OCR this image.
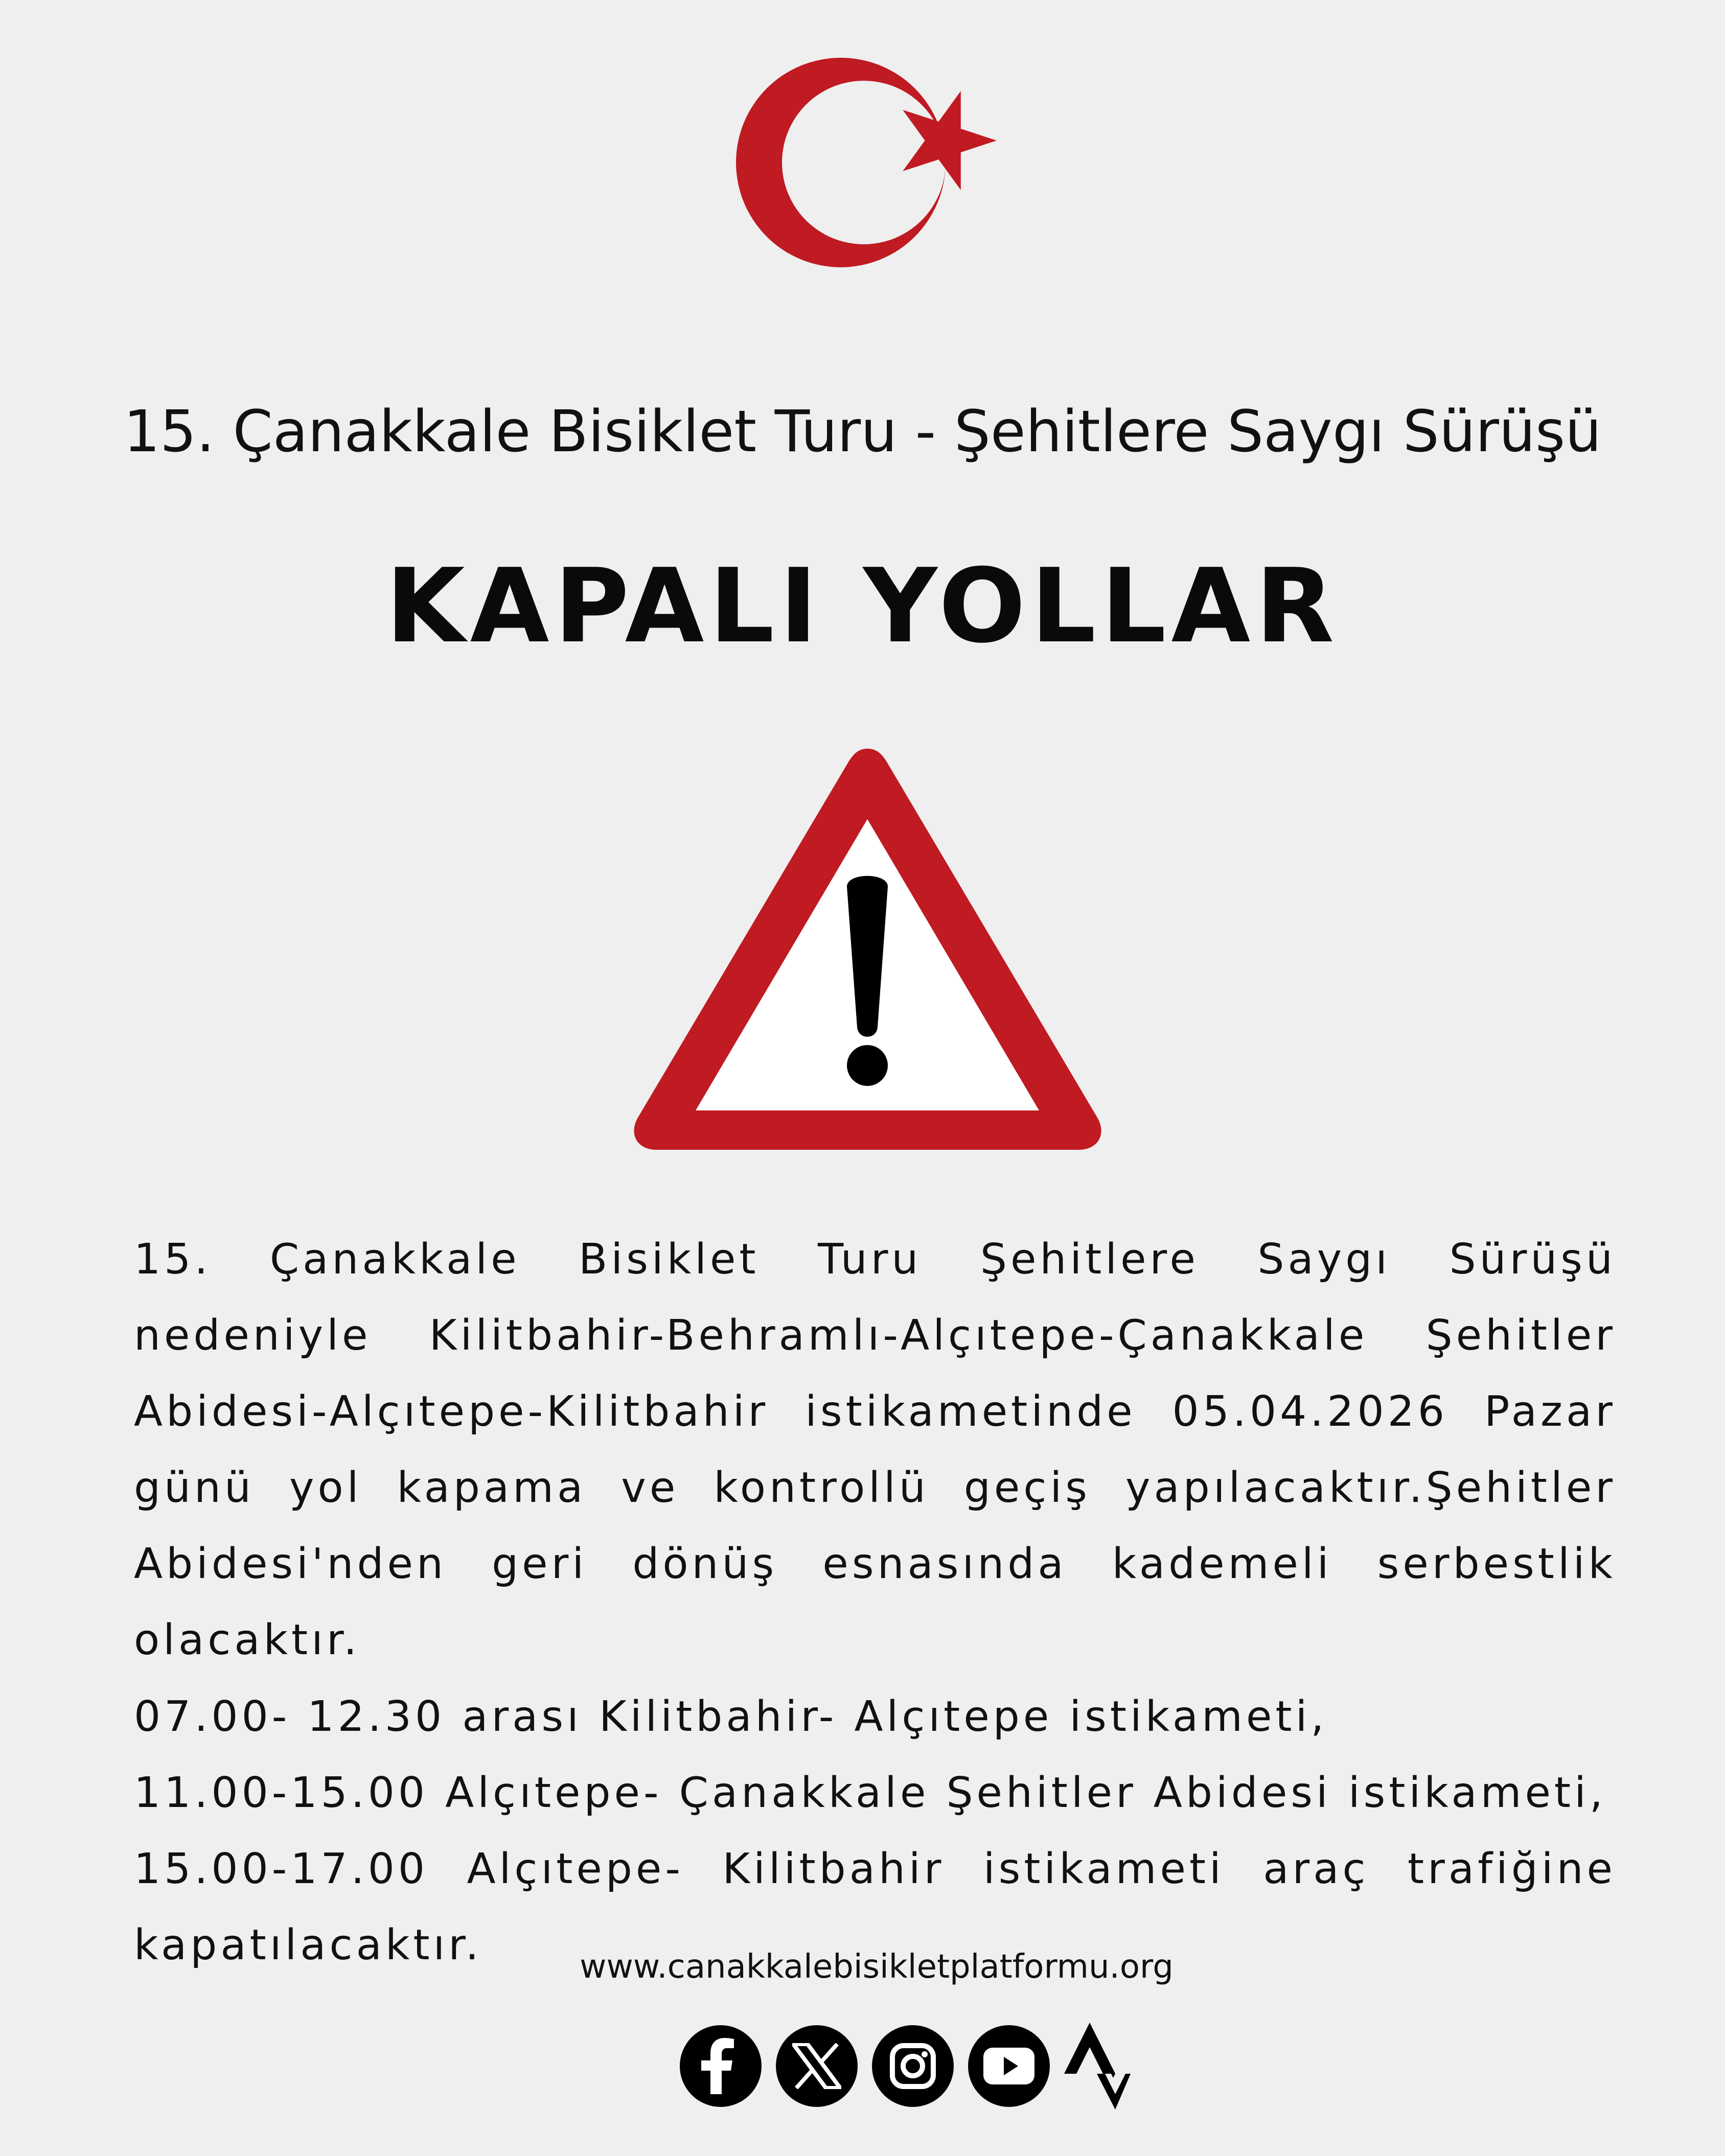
15. Çanakkale Bisiklet Turu - Şehitlere Saygı Sürüşü
KAPALI YOLLAR
15. Çanakkale Bisiklet Turu Şehitlere Saygı Sürüşü nedeniyle Kilitbahir-Behramlı-Alçıtepe-Çanakkale Şehitler Abidesi-Alçıtepe-Kilitbahir istikametinde 05.04.2026 Pazar günü yol kapama ve kontrollü geçiş yapılacaktır.Şehitler Abidesi'nden geri dönüş esnasında kademeli serbestlik olacaktır.
07.00- 12.30 arası Kilitbahir- Alçıtepe istikameti,
11.00-15.00 Alçıtepe- Çanakkale Şehitler Abidesi istikameti,
15.00-17.00 Alçıtepe- Kilitbahir istikameti araç trafiğine
kapatılacaktır.	www.canakkalebisikletplatformu.org
